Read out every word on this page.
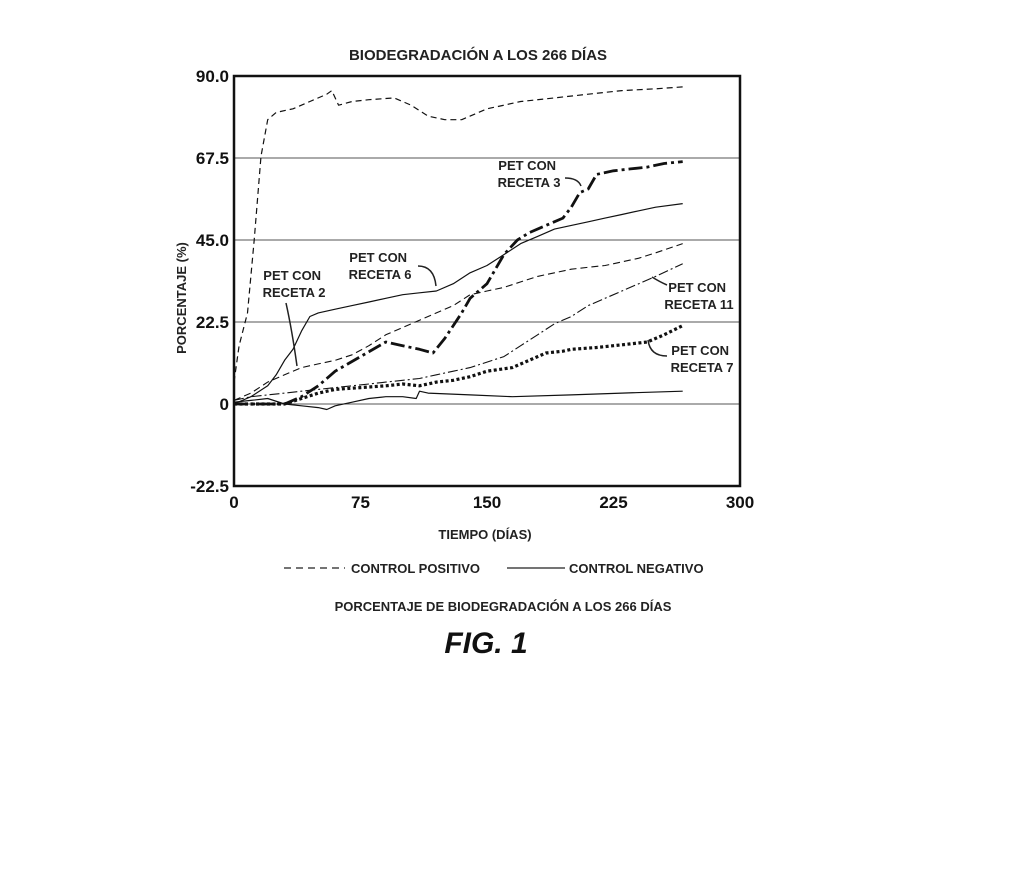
BIODEGRADACIÓN A LOS 266 DÍAS
90.0
67.5
45.0
22.5
0
-22.5
0	75	150	225	300
TIEMPO (DÍAS)
PORCENTAJE (%)
PET CON RECETA 3
PET CON RECETA 6
PET CON RECETA 2	PET CON RECETA 11
PET CON RECETA 7
CONTROL POSITIVO	CONTROL NEGATIVO
PORCENTAJE DE BIODEGRADACIÓN A LOS 266 DÍAS
FIG. 1
